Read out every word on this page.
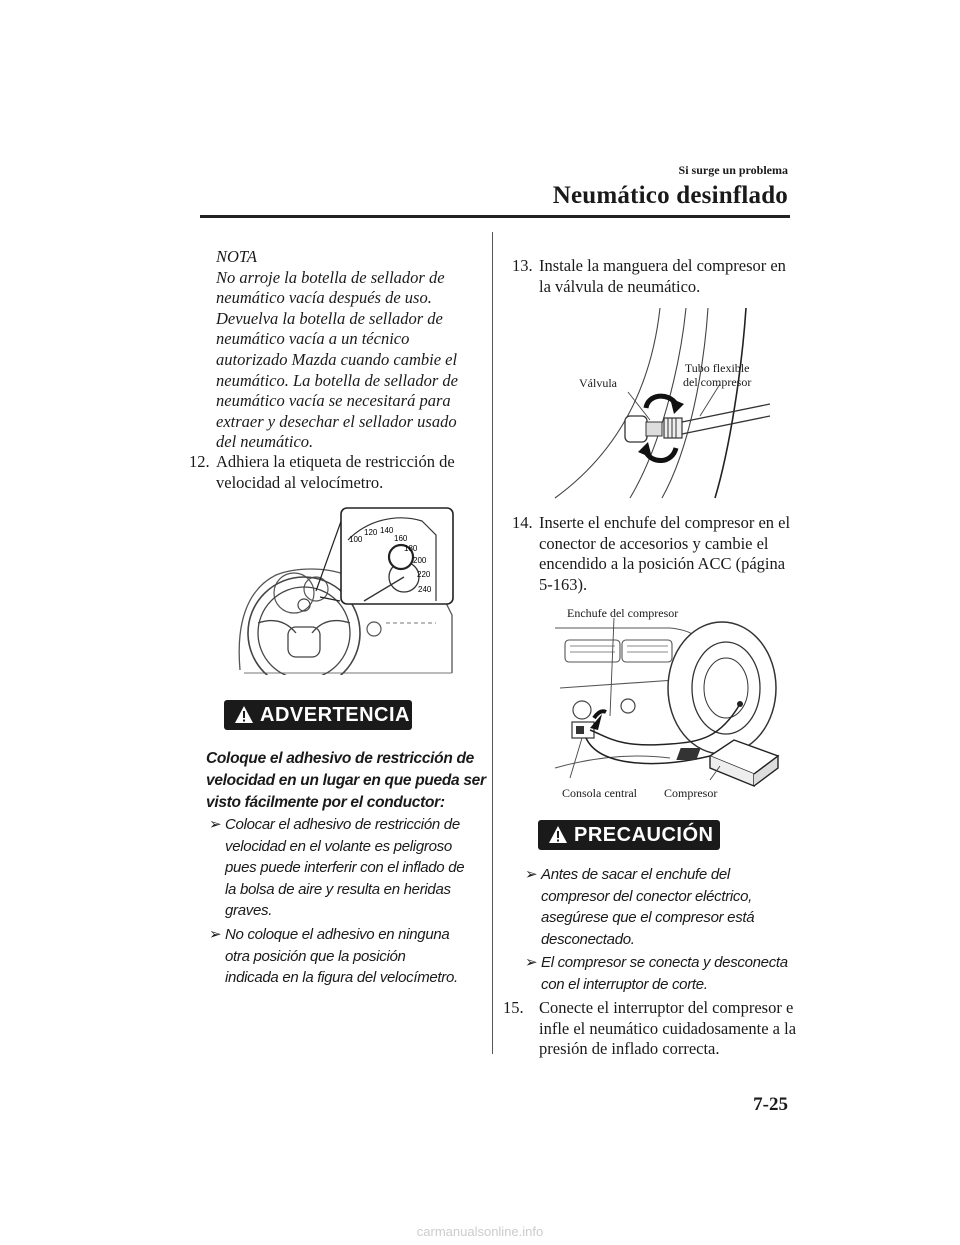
Si surge un problema
Neumático desinflado
NOTA
No arroje la botella de sellador de
neumático vacía después de uso.
Devuelva la botella de sellador de
neumático vacía a un técnico
autorizado Mazda cuando cambie el
neumático. La botella de sellador de
neumático vacía se necesitará para
extraer y desechar el sellador usado
del neumático.
12. Adhiera la etiqueta de restricción de
velocidad al velocímetro.
100
120 140
160
180
200
220
240
ADVERTENCIA
Coloque el adhesivo de restricción de
velocidad en un lugar en que pueda ser
visto fácilmente por el conductor:
➢ Colocar el adhesivo de restricción de
velocidad en el volante es peligroso
pues puede interferir con el inflado de
la bolsa de aire y resulta en heridas
graves.
➢ No coloque el adhesivo en ninguna
otra posición que la posición
indicada en la figura del velocímetro.
13. Instale la manguera del compresor en
la válvula de neumático.
Válvula
Tubo flexible
del compresor
14. Inserte el enchufe del compresor en el
conector de accesorios y cambie el
encendido a la posición ACC (página
5-163).
Enchufe del compresor
Consola central Compresor
PRECAUCIÓN
➢ Antes de sacar el enchufe del
compresor del conector eléctrico,
asegúrese que el compresor está
desconectado.
➢ El compresor se conecta y desconecta
con el interruptor de corte.
15. Conecte el interruptor del compresor e
infle el neumático cuidadosamente a la
presión de inflado correcta.
7-25
carmanualsonline.info
